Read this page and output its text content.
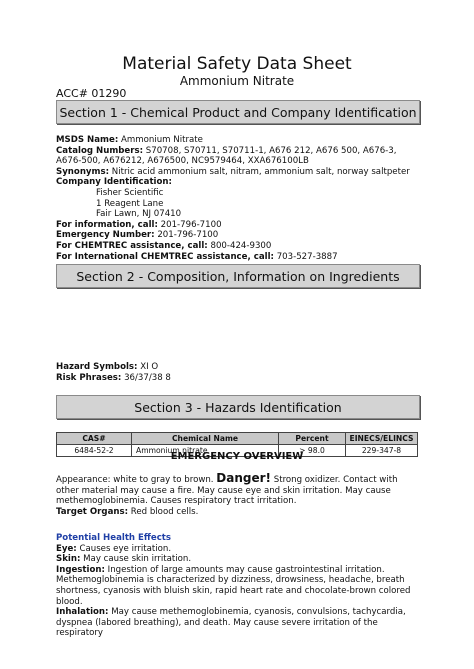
Material Safety Data Sheet
Ammonium Nitrate
ACC# 01290
Section 1 - Chemical Product and Company Identification
MSDS Name: Ammonium Nitrate
Catalog Numbers: S70708, S70711, S70711-1, A676 212, A676 500, A676-3, A676-500, A676212, A676500, NC9579464, XXA676100LB
Synonyms: Nitric acid ammonium salt, nitram, ammonium salt, norway saltpeter
Company Identification:
Fisher Scientific
1 Reagent Lane
Fair Lawn, NJ 07410
For information, call: 201-796-7100
Emergency Number: 201-796-7100
For CHEMTREC assistance, call: 800-424-9300
For International CHEMTREC assistance, call: 703-527-3887
Section 2 - Composition, Information on Ingredients
CAS#	Chemical Name	Percent	EINECS/ELINCS
6484-52-2	Ammonium nitrate	> 98.0	229-347-8
Hazard Symbols: XI O
Risk Phrases: 36/37/38 8
Section 3 - Hazards Identification
EMERGENCY OVERVIEW
Appearance: white to gray to brown. Danger! Strong oxidizer. Contact with other material may cause a fire. May cause eye and skin irritation. May cause methemoglobinemia. Causes respiratory tract irritation.
Target Organs: Red blood cells.
Potential Health Effects
Eye: Causes eye irritation.
Skin: May cause skin irritation.
Ingestion: Ingestion of large amounts may cause gastrointestinal irritation. Methemoglobinemia is characterized by dizziness, drowsiness, headache, breath shortness, cyanosis with bluish skin, rapid heart rate and chocolate-brown colored blood.
Inhalation: May cause methemoglobinemia, cyanosis, convulsions, tachycardia, dyspnea (labored breathing), and death. May cause severe irritation of the respiratory
